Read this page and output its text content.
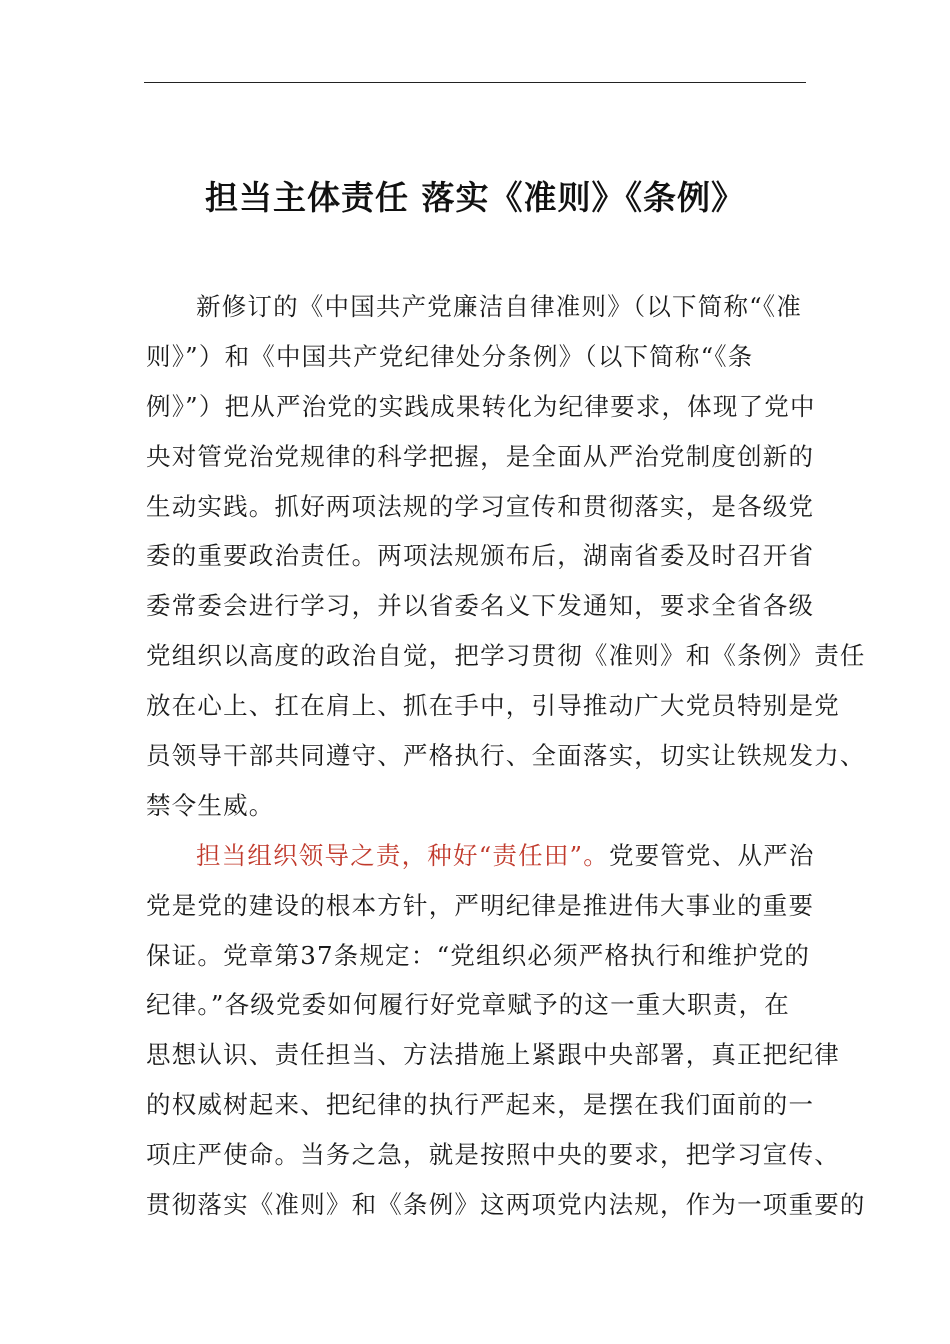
担当主体责任 落实《准则》《条例》
新修订的《中国共产党廉洁自律准则》（以下简称“《准
则》”）和《中国共产党纪律处分条例》（以下简称“《条
例》”）把从严治党的实践成果转化为纪律要求，体现了党中
央对管党治党规律的科学把握，是全面从严治党制度创新的
生动实践。抓好两项法规的学习宣传和贯彻落实，是各级党
委的重要政治责任。两项法规颁布后，湖南省委及时召开省
委常委会进行学习，并以省委名义下发通知，要求全省各级
党组织以高度的政治自觉，把学习贯彻《准则》和《条例》责任
放在心上、扛在肩上、抓在手中，引导推动广大党员特别是党
员领导干部共同遵守、严格执行、全面落实，切实让铁规发力、
禁令生威。
担当组织领导之责，种好“责任田”。党要管党、从严治
党是党的建设的根本方针，严明纪律是推进伟大事业的重要
保证。党章第37条规定：“党组织必须严格执行和维护党的
纪律。”各级党委如何履行好党章赋予的这一重大职责，在
思想认识、责任担当、方法措施上紧跟中央部署，真正把纪律
的权威树起来、把纪律的执行严起来，是摆在我们面前的一
项庄严使命。当务之急，就是按照中央的要求，把学习宣传、
贯彻落实《准则》和《条例》这两项党内法规，作为一项重要的
